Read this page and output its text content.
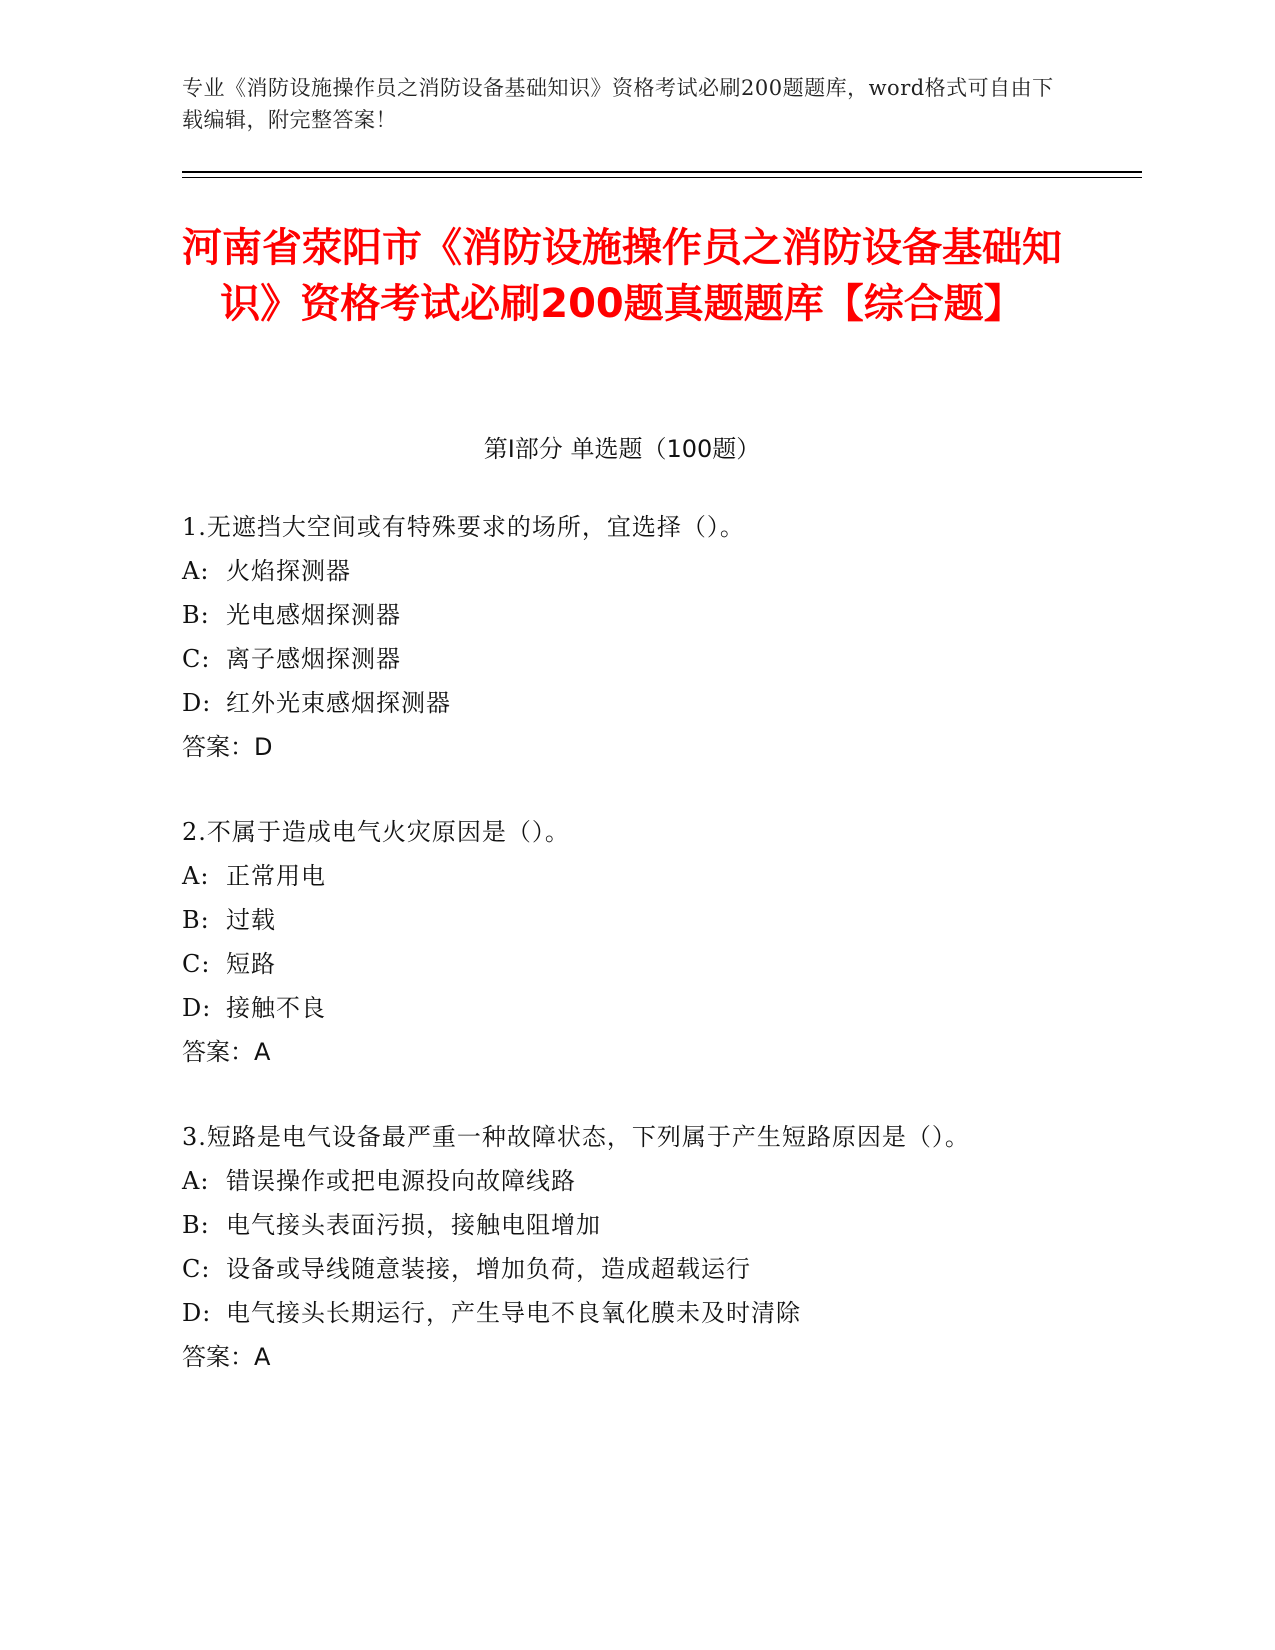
专业《消防设施操作员之消防设备基础知识》资格考试必刷200题题库，word格式可自由下载编辑，附完整答案！
河南省荥阳市《消防设施操作员之消防设备基础知识》资格考试必刷200题真题题库【综合题】
第I部分 单选题（100题）

1.无遮挡大空间或有特殊要求的场所，宜选择（）。

A: 火焰探测器

B: 光电感烟探测器

C: 离子感烟探测器

D: 红外光束感烟探测器

答案：D

2.不属于造成电气火灾原因是（）。

A: 正常用电

B: 过载

C: 短路

D: 接触不良

答案：A

3.短路是电气设备最严重一种故障状态，下列属于产生短路原因是（）。

A: 错误操作或把电源投向故障线路

B: 电气接头表面污损，接触电阻增加

C: 设备或导线随意装接，增加负荷，造成超载运行

D: 电气接头长期运行，产生导电不良氧化膜未及时清除

答案：A
